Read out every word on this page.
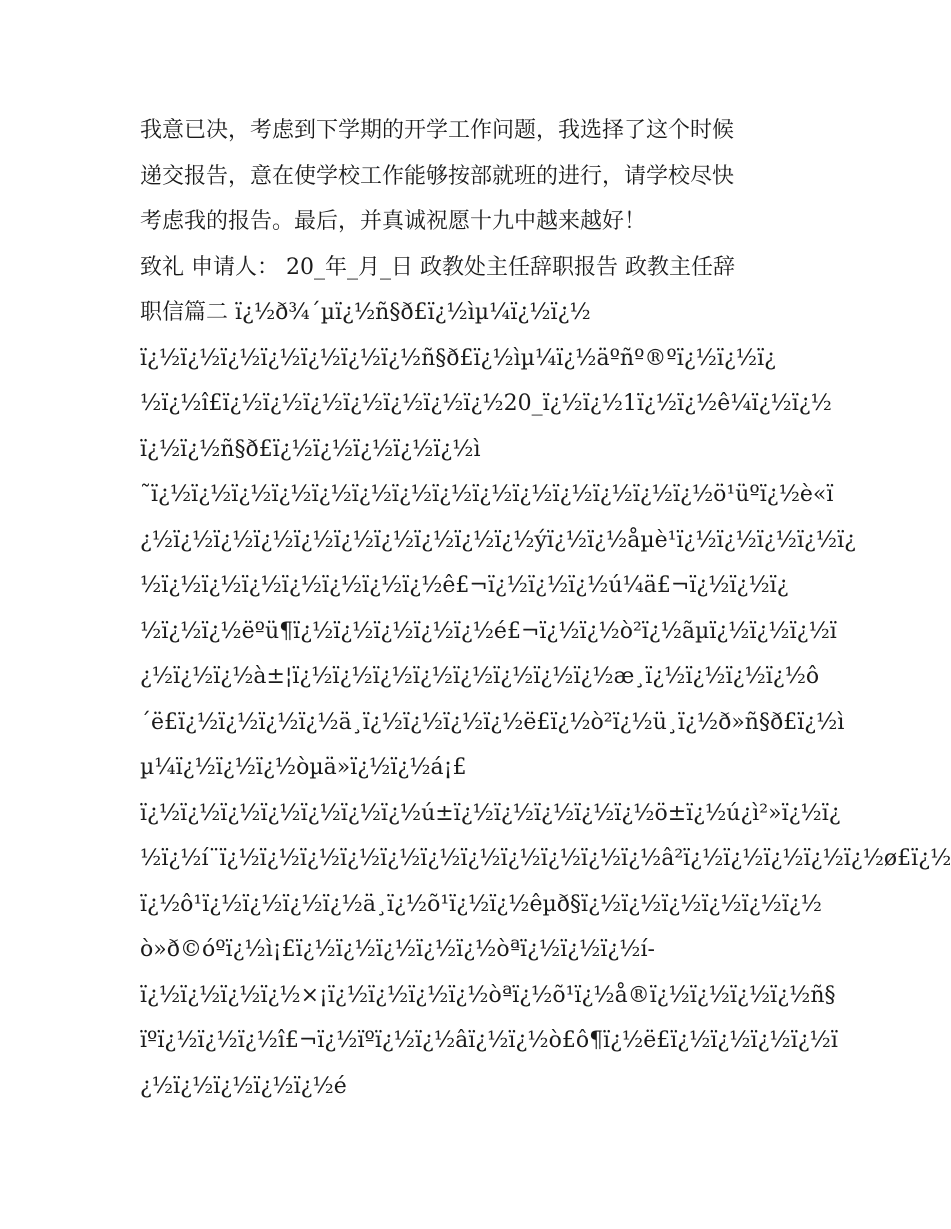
我意已决，考虑到下学期的开学工作问题，我选择了这个时候
递交报告，意在使学校工作能够按部就班的进行，请学校尽快
考虑我的报告。最后，并真诚祝愿十九中越来越好！
致礼 申请人： 20_年_月_日 政教处主任辞职报告 政教主任辞
职信篇二 ï¿½ð¾´µï¿½ñ§ð£ï¿½ìµ¼ï¿½ï¿½
ï¿½ï¿½ï¿½ï¿½ï¿½ï¿½ï¿½ñ§ð£ï¿½ìµ¼ï¿½äºñº®ºï¿½ï¿½ï¿
½ï¿½î£ï¿½ï¿½ï¿½ï¿½ï¿½ï¿½ï¿½20_ï¿½ï¿½1ï¿½ï¿½ê¼ï¿½ï¿½
ï¿½ï¿½ñ§ð£ï¿½ï¿½ï¿½ï¿½ï¿½ì
˜ï¿½ï¿½ï¿½ï¿½ï¿½ï¿½ï¿½ï¿½ï¿½ï¿½ï¿½ï¿½ï¿½ï¿½ö¹üºï¿½è«ï
¿½ï¿½ï¿½ï¿½ï¿½ï¿½ï¿½ï¿½ï¿½ï¿½ýï¿½ï¿½åµè¹ï¿½ï¿½ï¿½ï¿½ï¿
½ï¿½ï¿½ï¿½ï¿½ï¿½ï¿½ï¿½ê£¬ï¿½ï¿½ï¿½ú¼ä£¬ï¿½ï¿½ï¿
½ï¿½ï¿½ëºü¶ï¿½ï¿½ï¿½ï¿½ï¿½é£¬ï¿½ï¿½ò²ï¿½ãµï¿½ï¿½ï¿½ï
¿½ï¿½ï¿½à±¦ï¿½ï¿½ï¿½ï¿½ï¿½ï¿½ï¿½ï¿½æ¸ï¿½ï¿½ï¿½ï¿½ô
´ë£ï¿½ï¿½ï¿½ï¿½ä¸ï¿½ï¿½ï¿½ï¿½ë£ï¿½ò²ï¿½ü¸ï¿½ð»ñ§ð£ï¿½ì
µ¼ï¿½ï¿½ï¿½òµä»ï¿½ï¿½á¡£
ï¿½ï¿½ï¿½ï¿½ï¿½ï¿½ï¿½ú±ï¿½ï¿½ï¿½ï¿½ï¿½ö±ï¿½ú¿ì²»ï¿½ï¿
½ï¿½í¨ï¿½ï¿½ï¿½ï¿½ï¿½ï¿½ï¿½ï¿½ï¿½ï¿½ï¿½â²ï¿½ï¿½ï¿½ï¿½ï¿½ø£ï¿½
ï¿½ô¹ï¿½ï¿½ï¿½ï¿½ä¸ï¿½õ¹ï¿½ï¿½êµð§ï¿½ï¿½ï¿½ï¿½ï¿½ï¿½
ò»ð©óºï¿½ì¡£ï¿½ï¿½ï¿½ï¿½ï¿½òªï¿½ï¿½ï¿½í-
ï¿½ï¿½ï¿½ï¿½×¡ï¿½ï¿½ï¿½ï¿½òªï¿½õ¹ï¿½å®ï¿½ï¿½ï¿½ï¿½ñ§
ïºï¿½ï¿½ï¿½î£¬ï¿½ïºï¿½ï¿½âï¿½ï¿½ò£ô¶ï¿½ë£ï¿½ï¿½ï¿½ï¿½ï
¿½ï¿½ï¿½ï¿½ï¿½é
